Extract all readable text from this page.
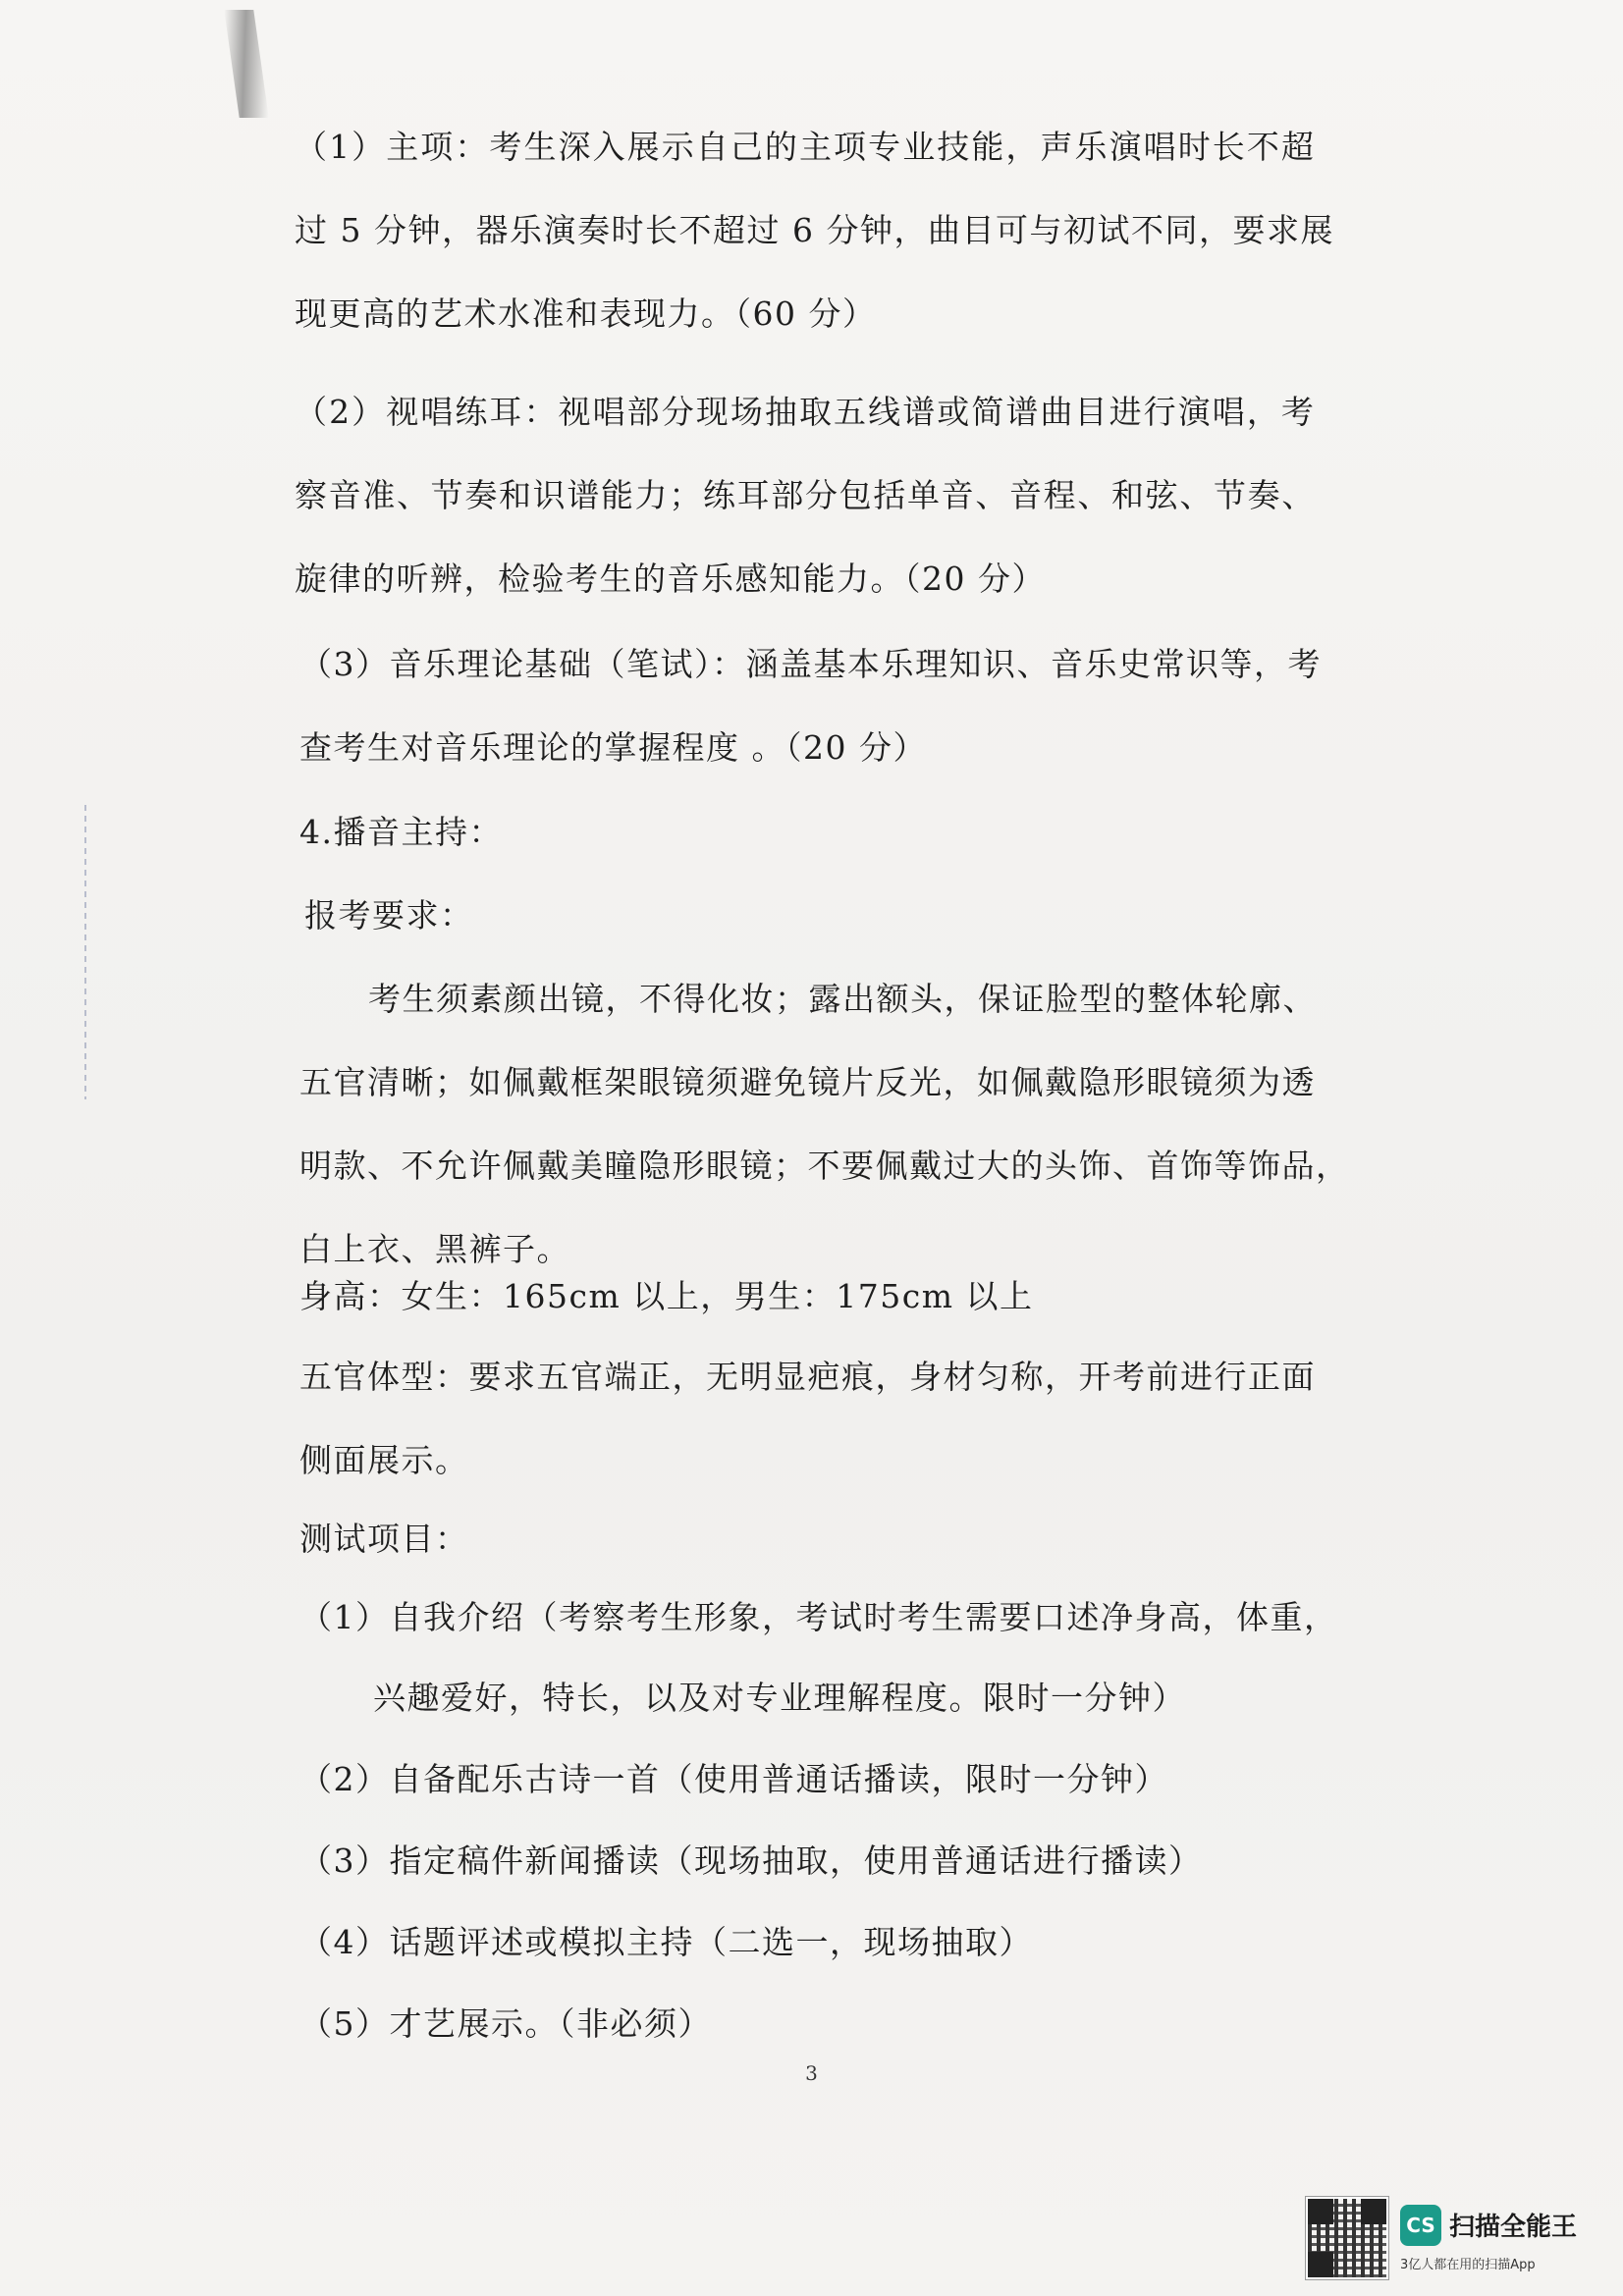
（1）主项：考生深入展示自己的主项专业技能，声乐演唱时长不超
过 5 分钟，器乐演奏时长不超过 6 分钟，曲目可与初试不同，要求展
现更高的艺术水准和表现力。（60 分）
（2）视唱练耳：视唱部分现场抽取五线谱或简谱曲目进行演唱，考
察音准、节奏和识谱能力；练耳部分包括单音、音程、和弦、节奏、
旋律的听辨，检验考生的音乐感知能力。（20 分）
（3）音乐理论基础（笔试）：涵盖基本乐理知识、音乐史常识等，考
查考生对音乐理论的掌握程度 。（20 分）
4.播音主持：
报考要求：
考生须素颜出镜，不得化妆；露出额头，保证脸型的整体轮廓、
五官清晰；如佩戴框架眼镜须避免镜片反光，如佩戴隐形眼镜须为透
明款、不允许佩戴美瞳隐形眼镜；不要佩戴过大的头饰、首饰等饰品，
白上衣、黑裤子。
身高：女生：165cm 以上，男生：175cm 以上
五官体型：要求五官端正，无明显疤痕，身材匀称，开考前进行正面
侧面展示。
测试项目：
（1）自我介绍（考察考生形象，考试时考生需要口述净身高，体重，
兴趣爱好，特长，以及对专业理解程度。限时一分钟）
（2）自备配乐古诗一首（使用普通话播读，限时一分钟）
（3）指定稿件新闻播读（现场抽取，使用普通话进行播读）
（4）话题评述或模拟主持（二选一，现场抽取）
（5）才艺展示。（非必须）
3
CS 扫描全能王
3亿人都在用的扫描App
